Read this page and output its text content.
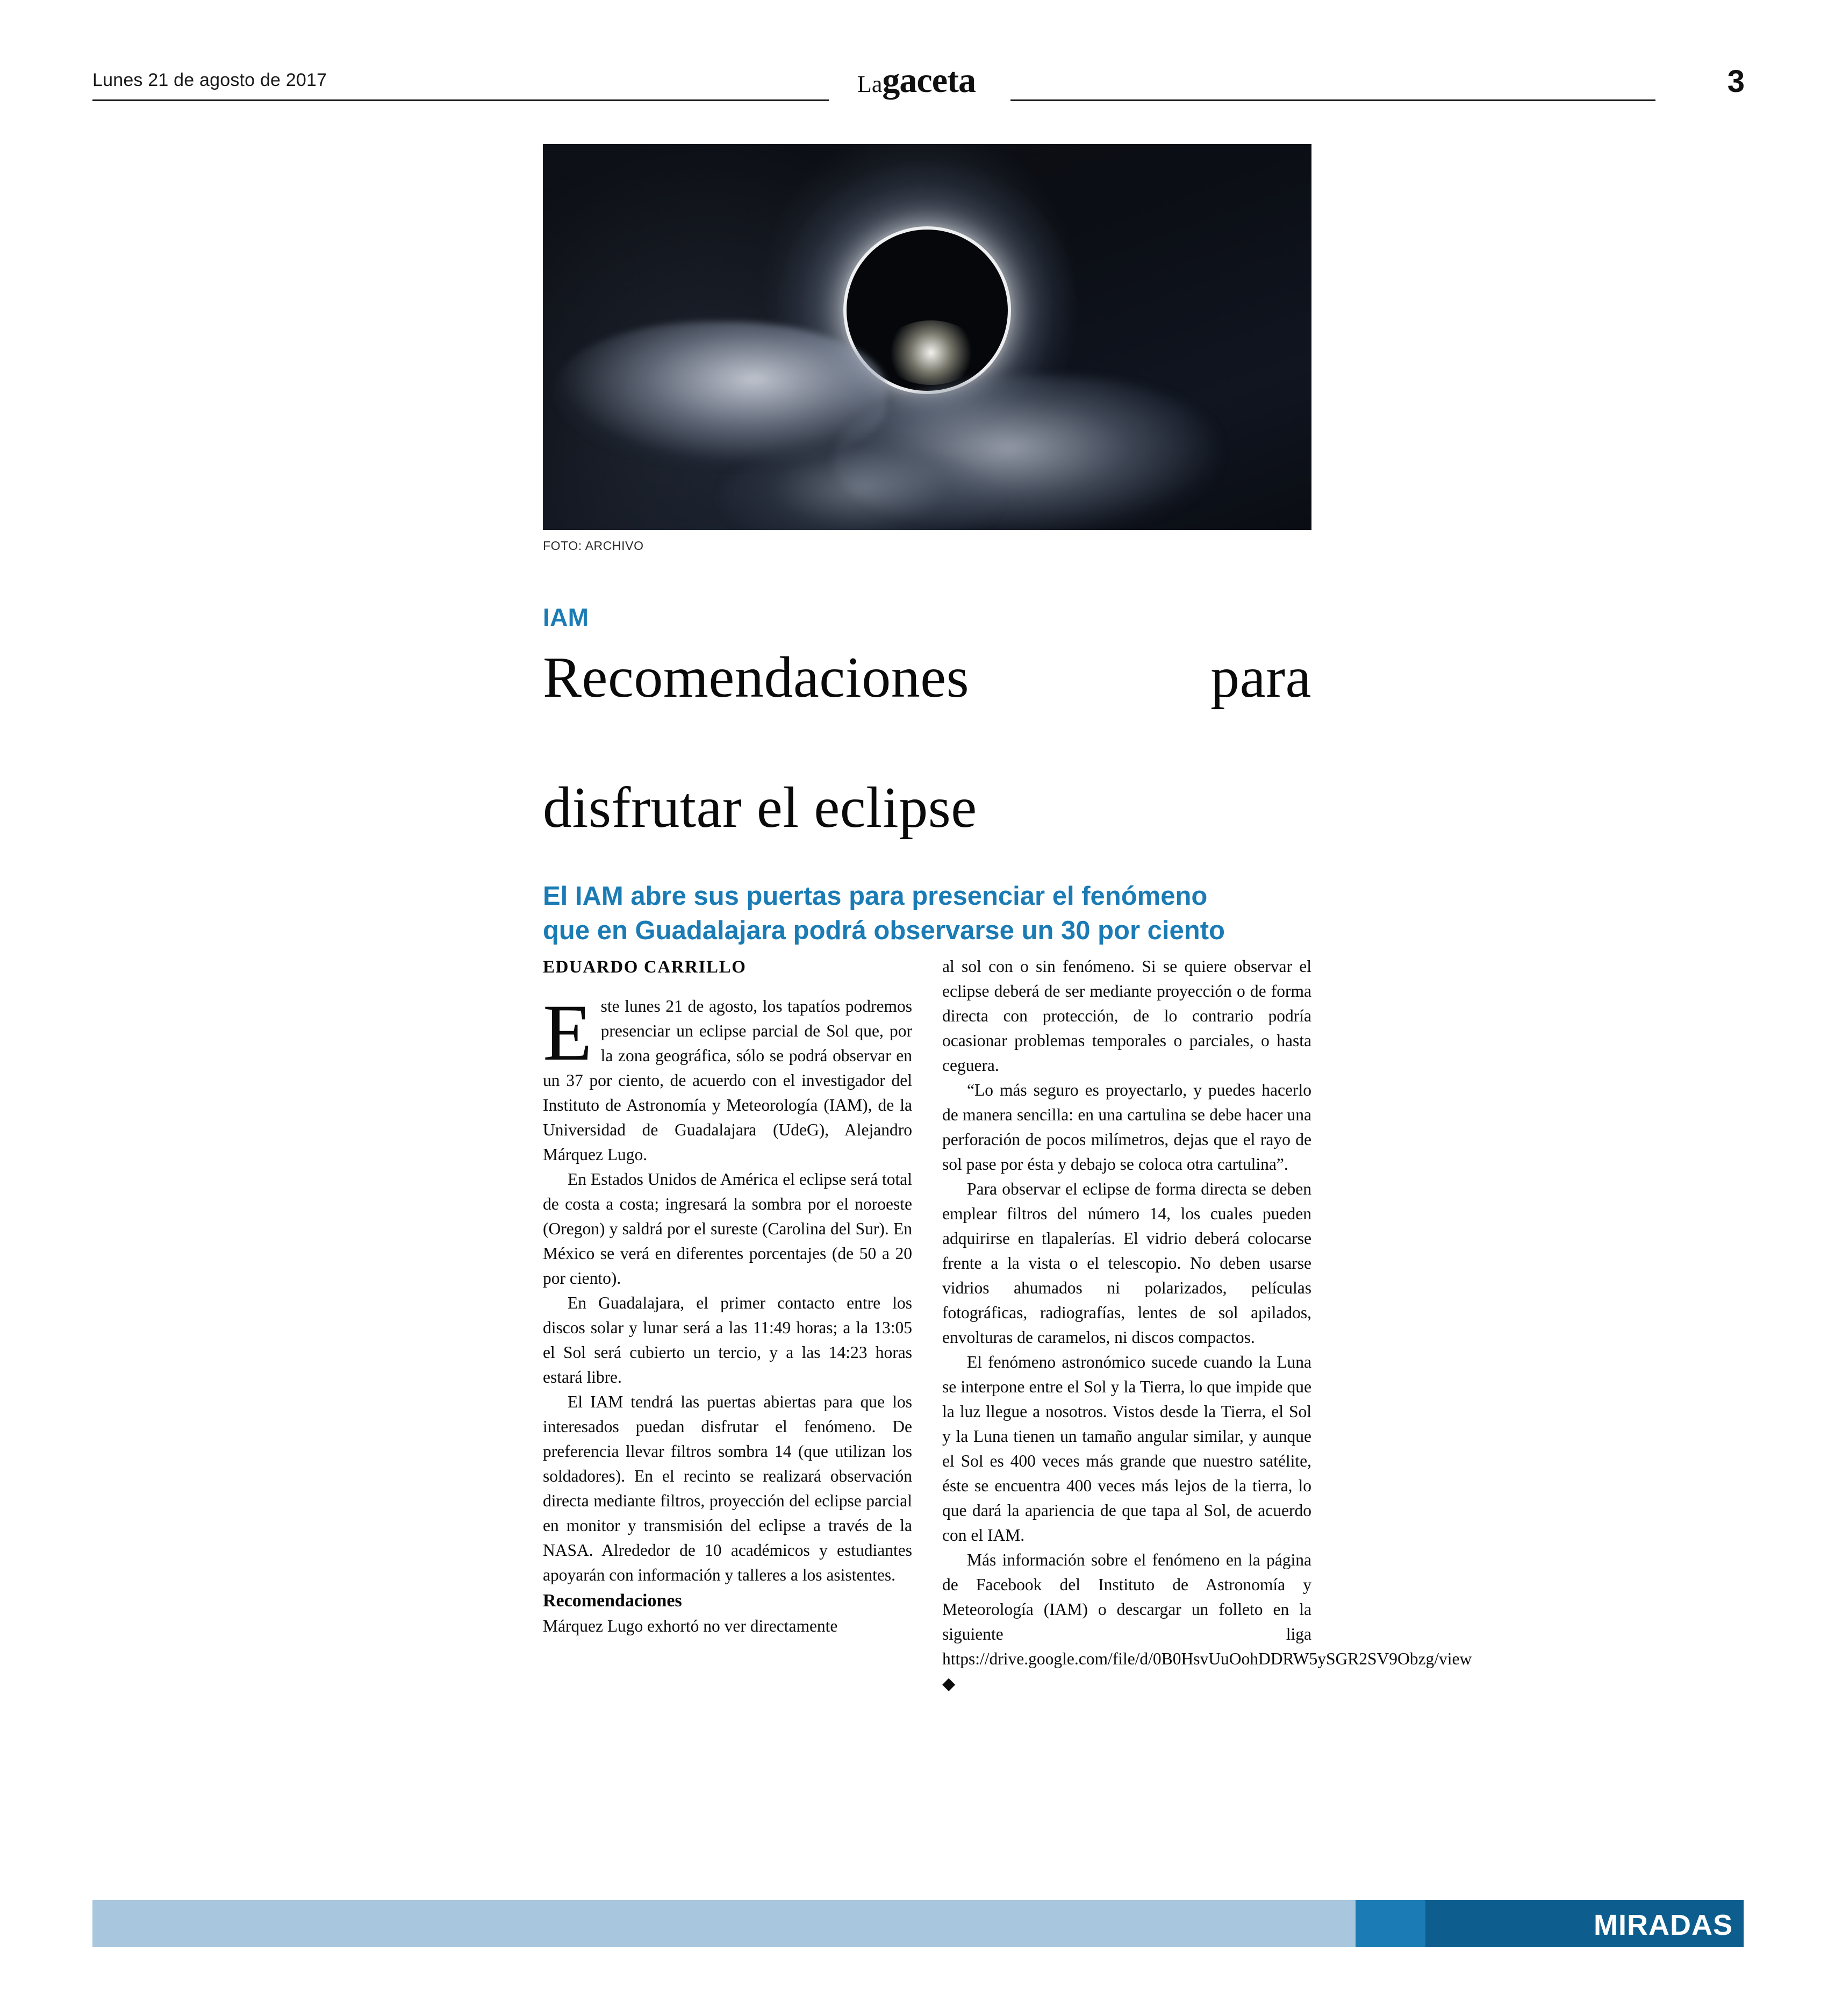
Lunes 21 de agosto de 2017	Lagaceta	3
FOTO: ARCHIVO
IAM
Recomendaciones para
disfrutar el eclipse
El IAM abre sus puertas para presenciar el fenómeno
que en Guadalajara podrá observarse un 30 por ciento
EDUARDO CARRILLO

Este lunes 21 de agosto, los tapatíos podremos presenciar un eclipse parcial de Sol que, por la zona geográfica, sólo se podrá observar en un 37 por ciento, de acuerdo con el investigador del Instituto de Astronomía y Meteorología (IAM), de la Universidad de Guadalajara (UdeG), Alejandro Márquez Lugo.

En Estados Unidos de América el eclipse será total de costa a costa; ingresará la sombra por el noroeste (Oregon) y saldrá por el sureste (Carolina del Sur). En México se verá en diferentes porcentajes (de 50 a 20 por ciento).

En Guadalajara, el primer contacto entre los discos solar y lunar será a las 11:49 horas; a la 13:05 el Sol será cubierto un tercio, y a las 14:23 horas estará libre.

El IAM tendrá las puertas abiertas para que los interesados puedan disfrutar el fenómeno. De preferencia llevar filtros sombra 14 (que utilizan los soldadores). En el recinto se realizará observación directa mediante filtros, proyección del eclipse parcial en monitor y transmisión del eclipse a través de la NASA. Alrededor de 10 académicos y estudiantes apoyarán con información y talleres a los asistentes.

Recomendaciones

Márquez Lugo exhortó no ver directamente

al sol con o sin fenómeno. Si se quiere observar el eclipse deberá de ser mediante proyección o de forma directa con protección, de lo contrario podría ocasionar problemas temporales o parciales, o hasta ceguera.

“Lo más seguro es proyectarlo, y puedes hacerlo de manera sencilla: en una cartulina se debe hacer una perforación de pocos milímetros, dejas que el rayo de sol pase por ésta y debajo se coloca otra cartulina”.

Para observar el eclipse de forma directa se deben emplear filtros del número 14, los cuales pueden adquirirse en tlapalerías. El vidrio deberá colocarse frente a la vista o el telescopio. No deben usarse vidrios ahumados ni polarizados, películas fotográficas, radiografías, lentes de sol apilados, envolturas de caramelos, ni discos compactos.

El fenómeno astronómico sucede cuando la Luna se interpone entre el Sol y la Tierra, lo que impide que la luz llegue a nosotros. Vistos desde la Tierra, el Sol y la Luna tienen un tamaño angular similar, y aunque el Sol es 400 veces más grande que nuestro satélite, éste se encuentra 400 veces más lejos de la tierra, lo que dará la apariencia de que tapa al Sol, de acuerdo con el IAM.

Más información sobre el fenómeno en la página de Facebook del Instituto de Astronomía y Meteorología (IAM) o descargar un folleto en la siguiente liga https://drive.google.com/file/d/0B0HsvUuOohDDRW5ySGR2SV9Obzg/view ◆

MIRADAS
